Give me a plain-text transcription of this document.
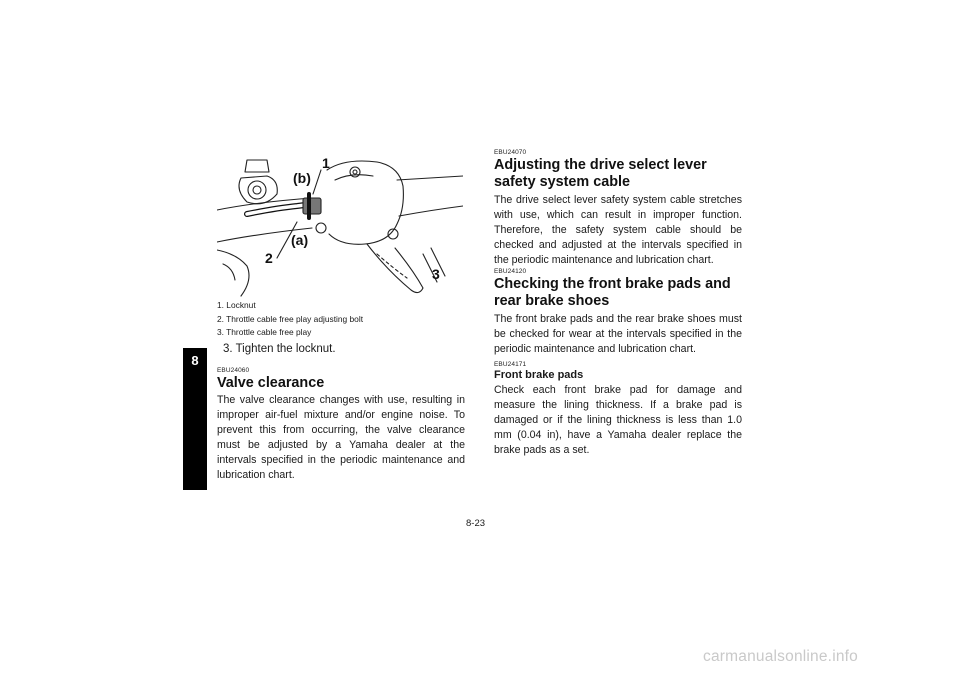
8
1
(b)
(a)
2
3
1. Locknut
2. Throttle cable free play adjusting bolt
3. Throttle cable free play
3. Tighten the locknut.

EBU24060

Valve clearance

The valve clearance changes with use, resulting in improper air-fuel mixture and/or engine noise. To prevent this from occurring, the valve clearance must be adjusted by a Yamaha dealer at the intervals specified in the periodic maintenance and lubrication chart.

EBU24070

Adjusting the drive select lever safety system cable

The drive select lever safety system cable stretches with use, which can result in improper function. Therefore, the safety system cable should be checked and adjusted at the intervals specified in the periodic maintenance and lubrication chart.

EBU24120

Checking the front brake pads and rear brake shoes

The front brake pads and the rear brake shoes must be checked for wear at the intervals specified in the periodic maintenance and lubrication chart.

EBU24171

Front brake pads

Check each front brake pad for damage and measure the lining thickness. If a brake pad is damaged or if the lining thickness is less than 1.0 mm (0.04 in), have a Yamaha dealer replace the brake pads as a set.

8-23
carmanualsonline.info
